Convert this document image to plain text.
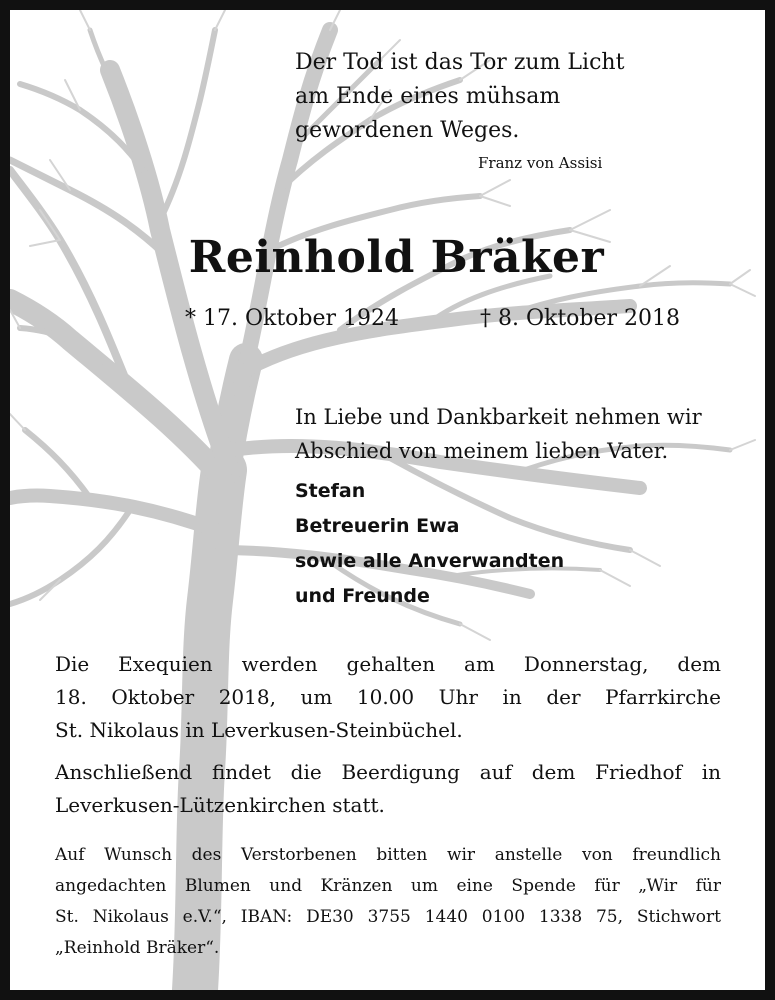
Der Tod ist das Tor zum Licht
am Ende eines mühsam
gewordenen Weges.
Franz von Assisi
Reinhold Bräker
* 17. Oktober 1924	† 8. Oktober 2018
In Liebe und Dankbarkeit nehmen wir
Abschied von meinem lieben Vater.
Stefan
Betreuerin Ewa
sowie alle Anverwandten
und Freunde
Die Exequien werden gehalten am Donnerstag, dem
18. Oktober 2018, um 10.00 Uhr in der Pfarrkirche
St. Nikolaus in Leverkusen-Steinbüchel.
Anschließend findet die Beerdigung auf dem Friedhof in
Leverkusen-Lützenkirchen statt.
Auf Wunsch des Verstorbenen bitten wir anstelle von freundlich
angedachten Blumen und Kränzen um eine Spende für „Wir für
St. Nikolaus e.V.“, IBAN: DE30 3755 1440 0100 1338 75, Stichwort
„Reinhold Bräker“.
